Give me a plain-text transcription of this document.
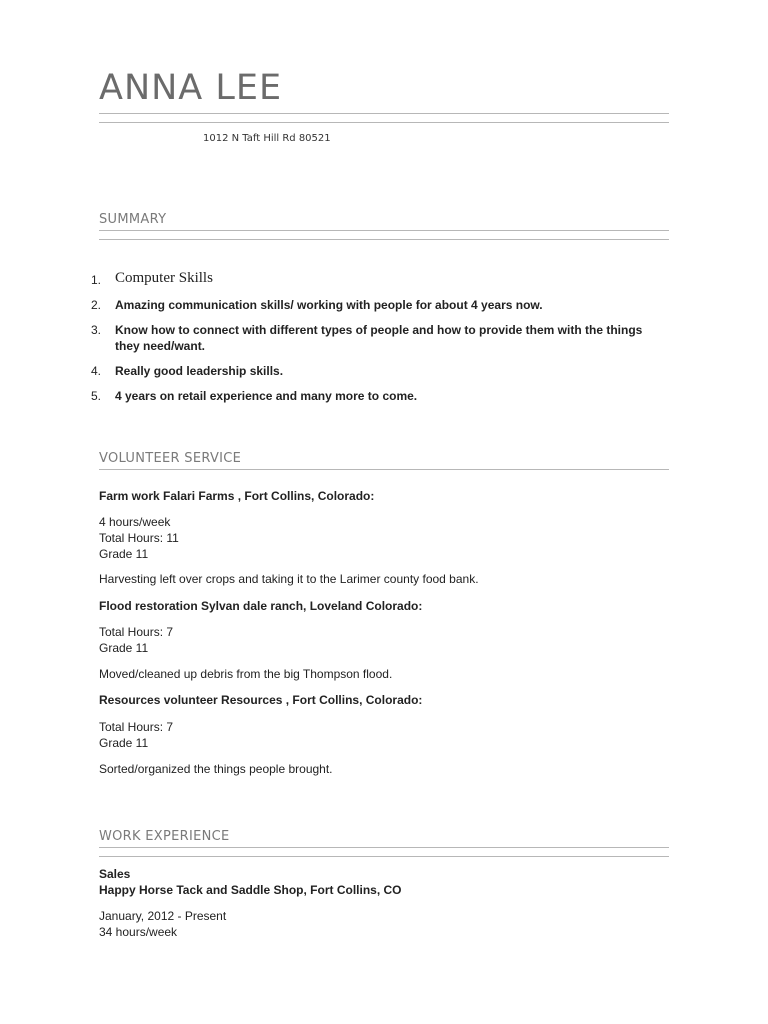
ANNA LEE
1012 N Taft Hill Rd 80521
SUMMARY
1. Computer Skills
2. Amazing communication skills/ working with people for about 4 years now.
3. Know how to connect with different types of people and how to provide them with the things they need/want.
4. Really good leadership skills.
5. 4 years on retail experience and many more to come.
VOLUNTEER SERVICE

Farm work Falari Farms , Fort Collins, Colorado:

4 hours/week

Total Hours: 11

Grade 11

Harvesting left over crops and taking it to the Larimer county food bank.

Flood restoration Sylvan dale ranch, Loveland Colorado:

Total Hours: 7

Grade 11

Moved/cleaned up debris from the big Thompson flood.

Resources volunteer Resources , Fort Collins, Colorado:

Total Hours: 7

Grade 11

Sorted/organized the things people brought.

WORK EXPERIENCE

Sales

Happy Horse Tack and Saddle Shop, Fort Collins, CO

January, 2012 - Present

34 hours/week
